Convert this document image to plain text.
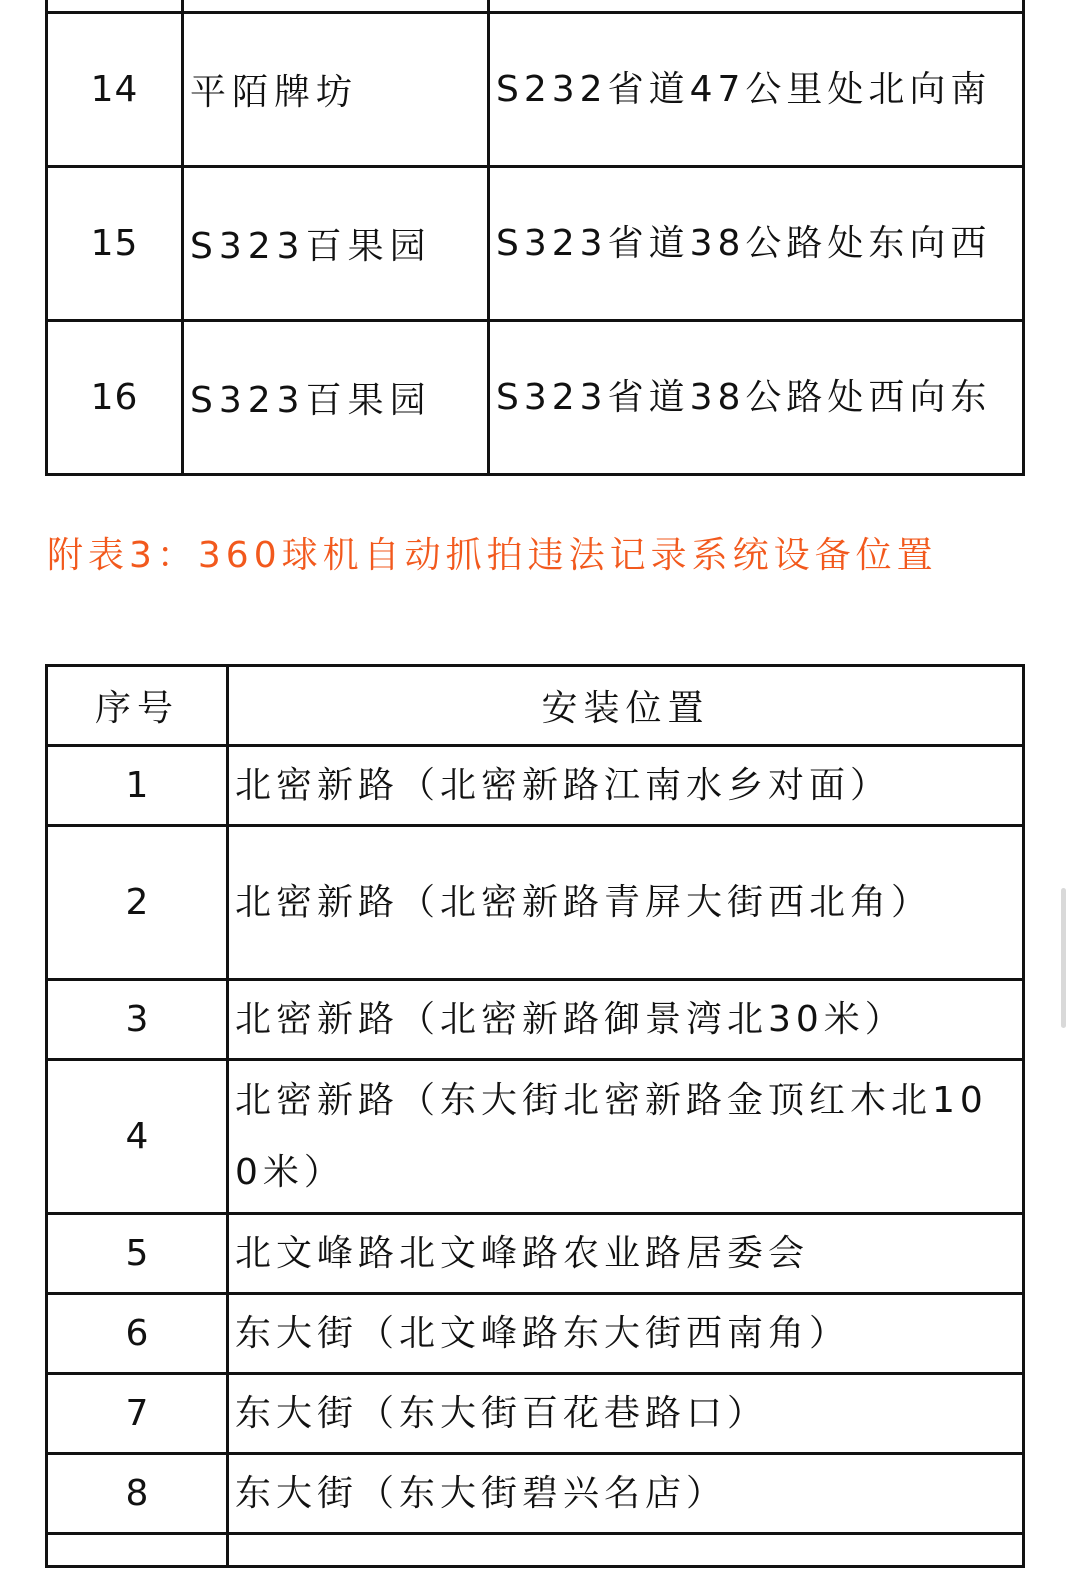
14	平陌牌坊	S232省道47公里处北向南
15	S323百果园	S323省道38公路处东向西
16	S323百果园	S323省道38公路处西向东
附表3：360球机自动抓拍违法记录系统设备位置
序号	安装位置
1	北密新路（北密新路江南水乡对面）
2	北密新路（北密新路青屏大街西北角）
3	北密新路（北密新路御景湾北30米）
4	北密新路（东大街北密新路金顶红木北100米）
5	北文峰路北文峰路农业路居委会
6	东大街（北文峰路东大街西南角）
7	东大街（东大街百花巷路口）
8	东大街（东大街碧兴名店）
